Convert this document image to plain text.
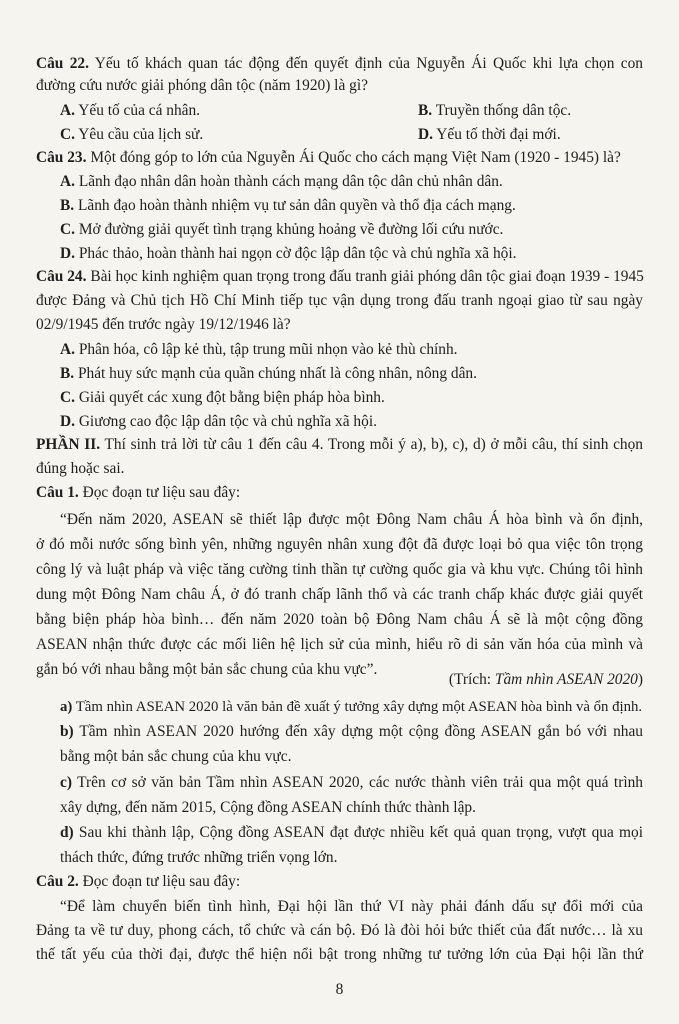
Câu 22. Yếu tố khách quan tác động đến quyết định của Nguyễn Ái Quốc khi lựa chọn con
đường cứu nước giải phóng dân tộc (năm 1920) là gì?
A. Yếu tố của cá nhân.	B. Truyền thống dân tộc.
C. Yêu cầu của lịch sử.	D. Yếu tố thời đại mới.
Câu 23. Một đóng góp to lớn của Nguyễn Ái Quốc cho cách mạng Việt Nam (1920 - 1945) là?
A. Lãnh đạo nhân dân hoàn thành cách mạng dân tộc dân chủ nhân dân.
B. Lãnh đạo hoàn thành nhiệm vụ tư sản dân quyền và thổ địa cách mạng.
C. Mở đường giải quyết tình trạng khủng hoảng về đường lối cứu nước.
D. Phác thảo, hoàn thành hai ngọn cờ độc lập dân tộc và chủ nghĩa xã hội.
Câu 24. Bài học kinh nghiệm quan trọng trong đấu tranh giải phóng dân tộc giai đoạn 1939 - 1945
được Đảng và Chủ tịch Hồ Chí Minh tiếp tục vận dụng trong đấu tranh ngoại giao từ sau ngày
02/9/1945 đến trước ngày 19/12/1946 là?
A. Phân hóa, cô lập kẻ thù, tập trung mũi nhọn vào kẻ thù chính.
B. Phát huy sức mạnh của quần chúng nhất là công nhân, nông dân.
C. Giải quyết các xung đột bằng biện pháp hòa bình.
D. Giương cao độc lập dân tộc và chủ nghĩa xã hội.
PHẦN II. Thí sinh trả lời từ câu 1 đến câu 4. Trong mỗi ý a), b), c), d) ở mỗi câu, thí sinh chọn
đúng hoặc sai.
Câu 1. Đọc đoạn tư liệu sau đây:
“Đến năm 2020, ASEAN sẽ thiết lập được một Đông Nam châu Á hòa bình và ổn định,
ở đó mỗi nước sống bình yên, những nguyên nhân xung đột đã được loại bỏ qua việc tôn trọng
công lý và luật pháp và việc tăng cường tinh thần tự cường quốc gia và khu vực. Chúng tôi hình
dung một Đông Nam châu Á, ở đó tranh chấp lãnh thổ và các tranh chấp khác được giải quyết
bằng biện pháp hòa bình… đến năm 2020 toàn bộ Đông Nam châu Á sẽ là một cộng đồng
ASEAN nhận thức được các mối liên hệ lịch sử của mình, hiểu rõ di sản văn hóa của mình và
gắn bó với nhau bằng một bản sắc chung của khu vực”.
(Trích: Tầm nhìn ASEAN 2020)
a) Tầm nhìn ASEAN 2020 là văn bản đề xuất ý tưởng xây dựng một ASEAN hòa bình và ổn định.
b) Tầm nhìn ASEAN 2020 hướng đến xây dựng một cộng đồng ASEAN gắn bó với nhau
bằng một bản sắc chung của khu vực.
c) Trên cơ sở văn bản Tầm nhìn ASEAN 2020, các nước thành viên trải qua một quá trình
xây dựng, đến năm 2015, Cộng đồng ASEAN chính thức thành lập.
d) Sau khi thành lập, Cộng đồng ASEAN đạt được nhiều kết quả quan trọng, vượt qua mọi
thách thức, đứng trước những triển vọng lớn.
Câu 2. Đọc đoạn tư liệu sau đây:
“Để làm chuyển biến tình hình, Đại hội lần thứ VI này phải đánh dấu sự đổi mới của
Đảng ta về tư duy, phong cách, tổ chức và cán bộ. Đó là đòi hỏi bức thiết của đất nước… là xu
thế tất yếu của thời đại, được thể hiện nổi bật trong những tư tưởng lớn của Đại hội lần thứ
8
